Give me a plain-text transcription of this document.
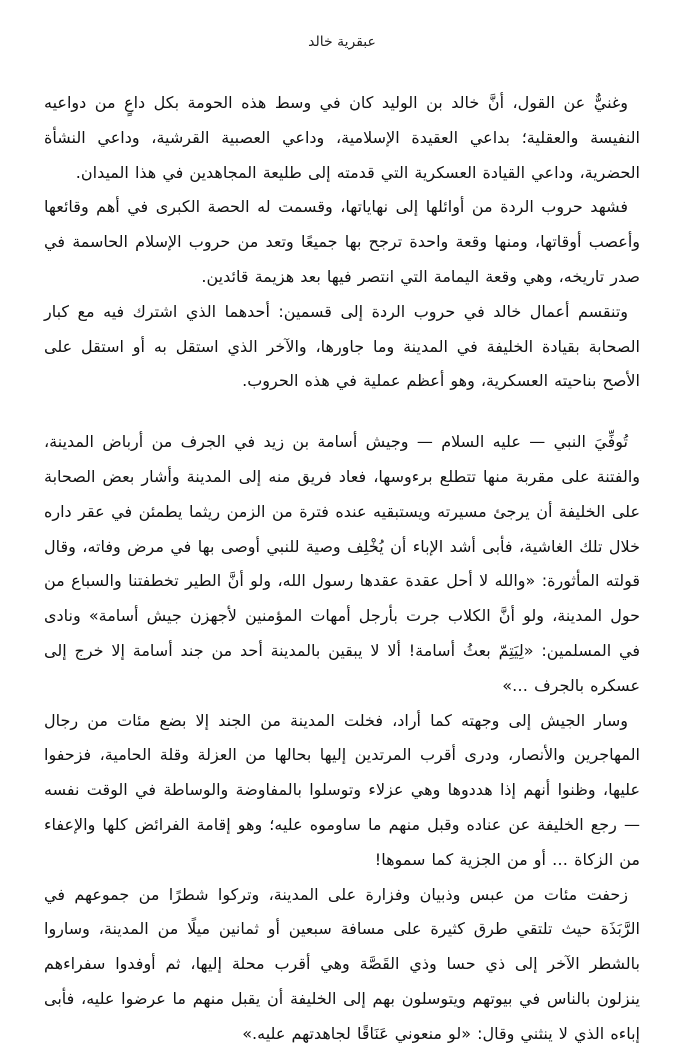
عبقرية خالد

وغنيٌّ عن القول، أنَّ خالد بن الوليد كان في وسط هذه الحومة بكل داعٍ من دواعيه النفيسة والعقلية؛ بداعي العقيدة الإسلامية، وداعي العصبية القرشية، وداعي النشأة الحضرية، وداعي القيادة العسكرية التي قدمته إلى طليعة المجاهدين في هذا الميدان.

فشهد حروب الردة من أوائلها إلى نهاياتها، وقسمت له الحصة الكبرى في أهم وقائعها وأعصب أوقاتها، ومنها وقعة واحدة ترجح بها جميعًا وتعد من حروب الإسلام الحاسمة في صدر تاريخه، وهي وقعة اليمامة التي انتصر فيها بعد هزيمة قائدين.

وتنقسم أعمال خالد في حروب الردة إلى قسمين: أحدهما الذي اشترك فيه مع كبار الصحابة بقيادة الخليفة في المدينة وما جاورها، والآخر الذي استقل به أو استقل على الأصح بناحيته العسكرية، وهو أعظم عملية في هذه الحروب.

تُوفِّيَ النبي — عليه السلام — وجيش أسامة بن زيد في الجرف من أرباض المدينة، والفتنة على مقربة منها تتطلع برءوسها، فعاد فريق منه إلى المدينة وأشار بعض الصحابة على الخليفة أن يرجئ مسيرته ويستبقيه عنده فترة من الزمن ريثما يطمئن في عقر داره خلال تلك الغاشية، فأبى أشد الإباء أن يُخْلِف وصية للنبي أوصى بها في مرض وفاته، وقال قولته المأثورة: «والله لا أحل عقدة عقدها رسول الله، ولو أنَّ الطير تخطفتنا والسباع من حول المدينة، ولو أنَّ الكلاب جرت بأرجل أمهات المؤمنين لأجهزن جيش أسامة» ونادى في المسلمين: «لِيَتِمّ بعثُ أسامة! ألا لا يبقين بالمدينة أحد من جند أسامة إلا خرج إلى عسكره بالجرف …»

وسار الجيش إلى وجهته كما أراد، فخلت المدينة من الجند إلا بضع مئات من رجال المهاجرين والأنصار، ودرى أقرب المرتدين إليها بحالها من العزلة وقلة الحامية، فزحفوا عليها، وظنوا أنهم إذا هددوها وهي عزلاء وتوسلوا بالمفاوضة والوساطة في الوقت نفسه — رجع الخليفة عن عناده وقبل منهم ما ساوموه عليه؛ وهو إقامة الفرائض كلها والإعفاء من الزكاة … أو من الجزية كما سموها!

زحفت مئات من عبس وذبيان وفزارة على المدينة، وتركوا شطرًا من جموعهم في الرَّبَذَة حيث تلتقي طرق كثيرة على مسافة سبعين أو ثمانين ميلًا من المدينة، وساروا بالشطر الآخر إلى ذي حسا وذي القَصَّة وهي أقرب محلة إليها، ثم أوفدوا سفراءهم ينزلون بالناس في بيوتهم ويتوسلون بهم إلى الخليفة أن يقبل منهم ما عرضوا عليه، فأبى إباءه الذي لا ينثني وقال: «لو منعوني عَنَاقًا لجاهدتهم عليه.»
